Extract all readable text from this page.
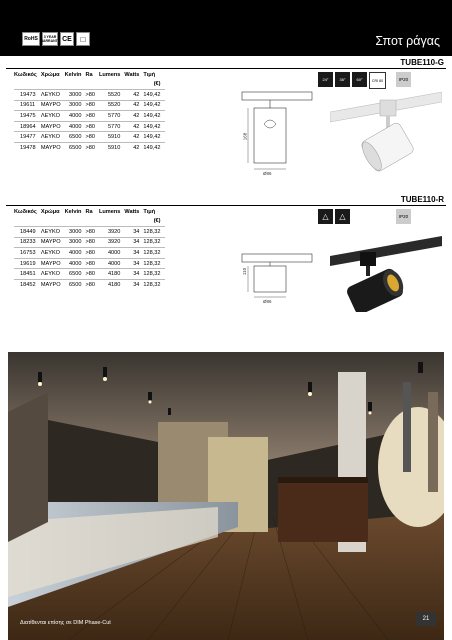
RoHS	3 YEAR WARRANTY CE	□	Σποτ ράγας
TUBE110-G
Κωδικός	Χρώμα	Kelvin	Ra	Lumens	Watts	Τιμή
(€)						
19473	ΛΕΥΚΟ	3000	>80	5520	42	149,42
19611	ΜΑΥΡΟ	3000	>80	5520	42	149,42
19475	ΛΕΥΚΟ	4000	>80	5770	42	149,42
18964	ΜΑΥΡΟ	4000	>80	5770	42	149,42
19477	ΛΕΥΚΟ	6500	>80	5910	42	149,42
19478	ΜΑΥΡΟ	6500	>80	5910	42	149,42
168
Ø86
24°	36°	60°	CRI 80	IP20
TUBE110-R
Κωδικός	Χρώμα	Kelvin	Ra	Lumens	Watts	Τιμή
(€)						
18449	ΛΕΥΚΟ	3000	>80	3920	34	128,32
18233	ΜΑΥΡΟ	3000	>80	3920	34	128,32
16753	ΛΕΥΚΟ	4000	>80	4000	34	128,32
19619	ΜΑΥΡΟ	4000	>80	4000	34	128,32
18451	ΛΕΥΚΟ	6500	>80	4180	34	128,32
18452	ΜΑΥΡΟ	6500	>80	4180	34	128,32
110
Ø86
△ △	IP20
Διατίθενται επίσης σε DIM Phase-Cut
21
